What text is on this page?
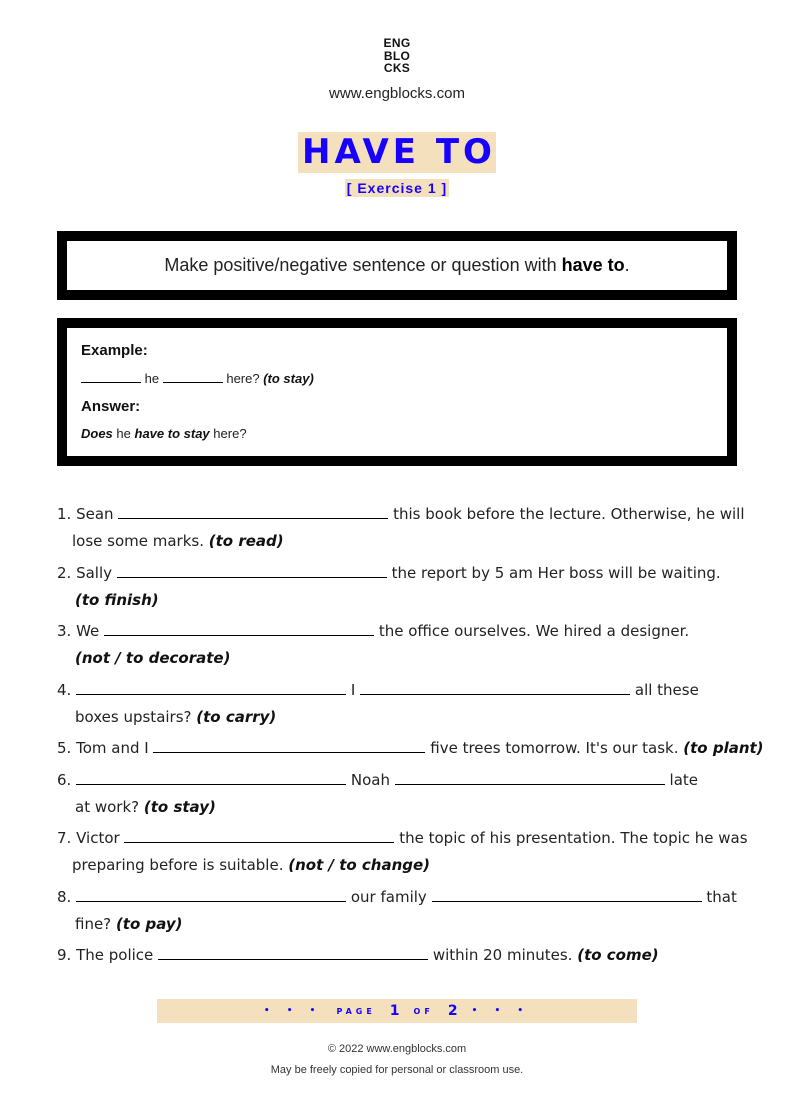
ENG
BLO
CKS
www.engblocks.com
HAVE TO
[ Exercise 1 ]
Make positive/negative sentence or question with have to.
Example:
he	here? (to stay)
Answer:
Does he have to stay here?
1. Sean	this book before the lecture. Otherwise, he will
lose some marks. (to read)
2. Sally	the report by 5 am Her boss will be waiting.
(to finish)
3. We	the office ourselves. We hired a designer.
(not / to decorate)
4.	I	all these
boxes upstairs? (to carry)
5. Tom and I	five trees tomorrow. It's our task. (to plant)
6.	Noah	late
at work? (to stay)
7. Victor	the topic of his presentation. The topic he was
preparing before is suitable. (not / to change)
8.	our family	that
fine? (to pay)
9. The police	within 20 minutes. (to come)
• • • PAGE 1 OF 2 • • •
© 2022 www.engblocks.com
May be freely copied for personal or classroom use.
